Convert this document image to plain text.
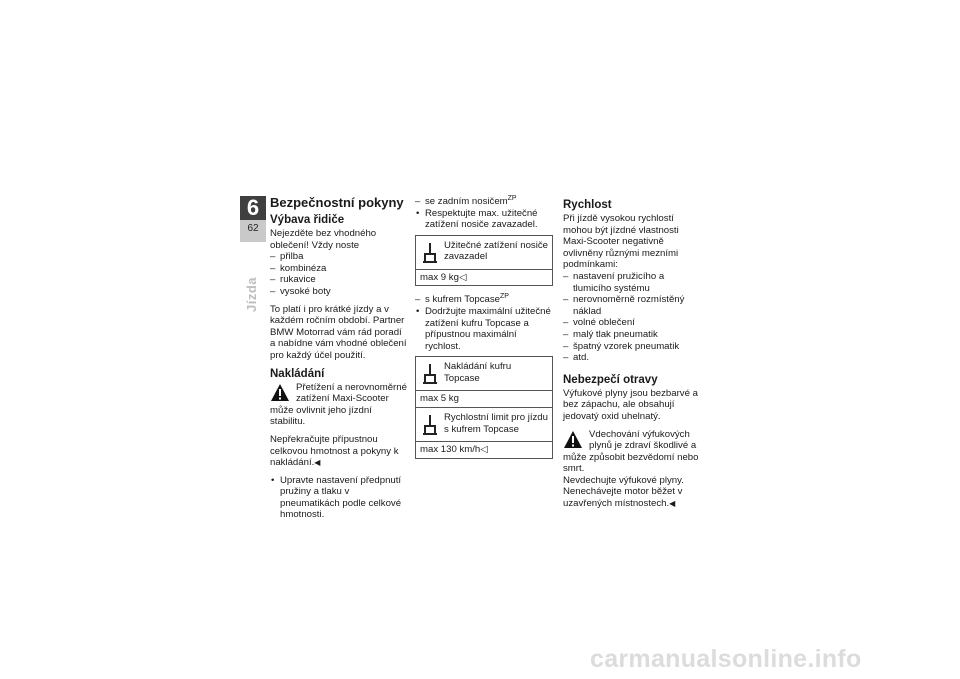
6
62
Jízda
Bezpečnostní pokyny
Výbava řidiče

Nejezděte bez vhodného oblečení! Vždy noste

– přilba
– kombinéza
– rukavice
– vysoké boty

To platí i pro krátké jízdy a v každém ročním období. Partner BMW Motorrad vám rád poradí a nabídne vám vhodné oblečení pro každý účel použití.

Nakládání
Přetížení a nerovnoměrné zatížení Maxi-Scooter může ovlivnit jeho jízdní stabilitu.

Nepřekračujte přípustnou celkovou hmotnost a pokyny k nakládání.◀

• Upravte nastavení předpnutí pružiny a tlaku v pneumatikách podle celkové hmotnosti.
– se zadním nosičem$^{ZP}$
• Respektujte max. užitečné zatížení nosiče zavazadel.
Užitečné zatížení nosiče zavazadel
max 9 kg◁
– s kufrem Topcase$^{ZP}$
• Dodržujte maximální užitečné zatížení kufru Topcase a přípustnou maximální rychlost.
Nakládání kufru Topcase
max 5 kg
Rychlostní limit pro jízdu s kufrem Topcase
max 130 km/h◁
Rychlost

Při jízdě vysokou rychlostí mohou být jízdné vlastnosti Maxi-Scooter negativně ovlivněny různými mezními podmínkami:

– nastavení pružicího a tlumicího systému
– nerovnoměrně rozmístěný náklad
– volné oblečení
– malý tlak pneumatik
– špatný vzorek pneumatik
– atd.
Nebezpečí otravy

Výfukové plyny jsou bezbarvé a bez zápachu, ale obsahují jedovatý oxid uhelnatý.

Vdechování výfukových plynů je zdraví škodlivé a může způsobit bezvědomí nebo smrt.

Nevdechujte výfukové plyny. Nenechávejte motor běžet v uzavřených místnostech.◀

carmanualsonline.info
